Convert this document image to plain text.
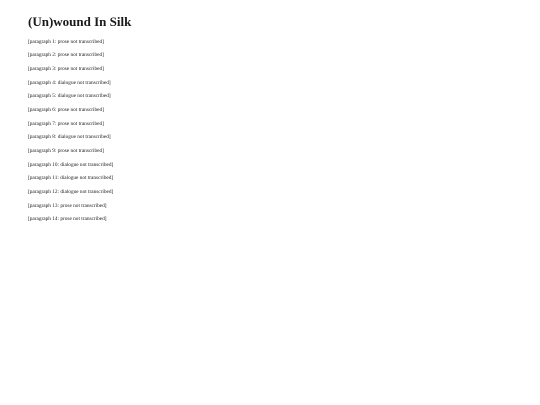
(Un)wound In Silk

[paragraph 1: prose not transcribed]

[paragraph 2: prose not transcribed]

[paragraph 3: prose not transcribed]

[paragraph 4: dialogue not transcribed]

[paragraph 5: dialogue not transcribed]

[paragraph 6: prose not transcribed]

[paragraph 7: prose not transcribed]

[paragraph 8: dialogue not transcribed]

[paragraph 9: prose not transcribed]

[paragraph 10: dialogue not transcribed]

[paragraph 11: dialogue not transcribed]

[paragraph 12: dialogue not transcribed]

[paragraph 13: prose not transcribed]

[paragraph 14: prose not transcribed]
